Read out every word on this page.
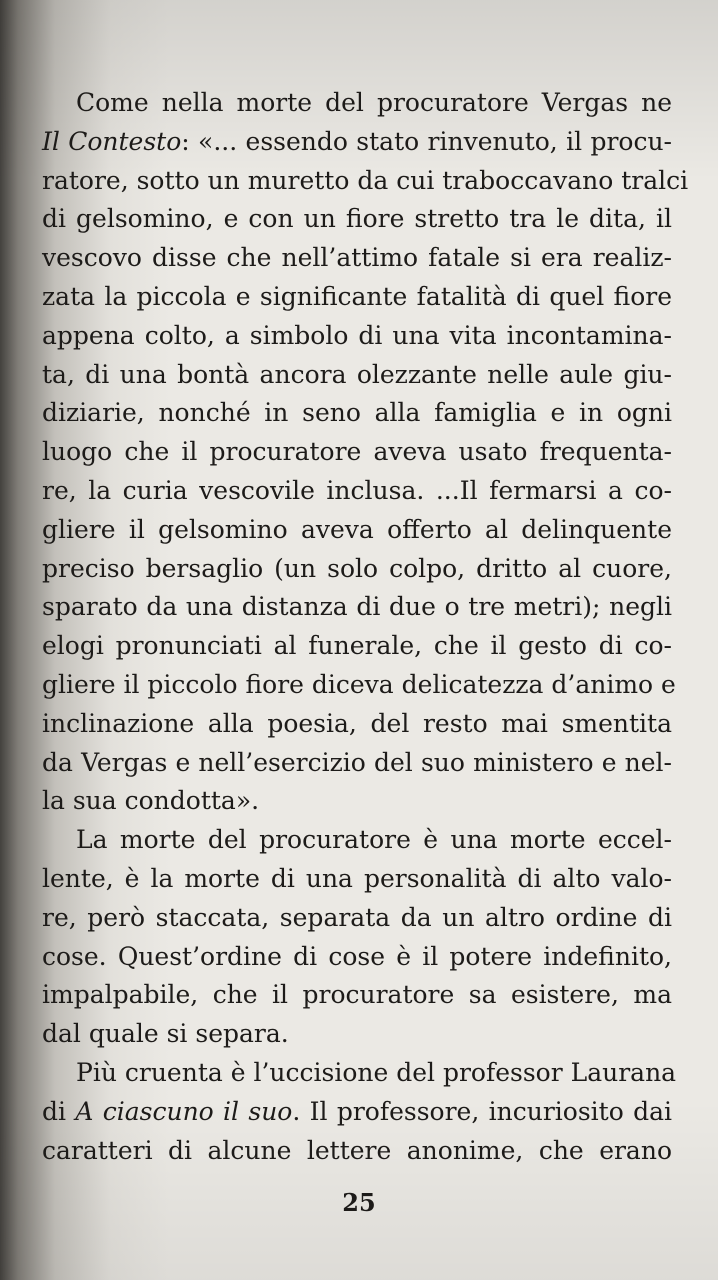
Come nella morte del procuratore Vergas ne
Il Contesto: «... essendo stato rinvenuto, il procu-
ratore, sotto un muretto da cui traboccavano tralci
di gelsomino, e con un fiore stretto tra le dita, il
vescovo disse che nell’attimo fatale si era realiz-
zata la piccola e significante fatalità di quel fiore
appena colto, a simbolo di una vita incontamina-
ta, di una bontà ancora olezzante nelle aule giu-
diziarie, nonché in seno alla famiglia e in ogni
luogo che il procuratore aveva usato frequenta-
re, la curia vescovile inclusa. ...Il fermarsi a co-
gliere il gelsomino aveva offerto al delinquente
preciso bersaglio (un solo colpo, dritto al cuore,
sparato da una distanza di due o tre metri); negli
elogi pronunciati al funerale, che il gesto di co-
gliere il piccolo fiore diceva delicatezza d’animo e
inclinazione alla poesia, del resto mai smentita
da Vergas e nell’esercizio del suo ministero e nel-
la sua condotta».
La morte del procuratore è una morte eccel-
lente, è la morte di una personalità di alto valo-
re, però staccata, separata da un altro ordine di
cose. Quest’ordine di cose è il potere indefinito,
impalpabile, che il procuratore sa esistere, ma
dal quale si separa.
Più cruenta è l’uccisione del professor Laurana
di A ciascuno il suo. Il professore, incuriosito dai
caratteri di alcune lettere anonime, che erano
25
